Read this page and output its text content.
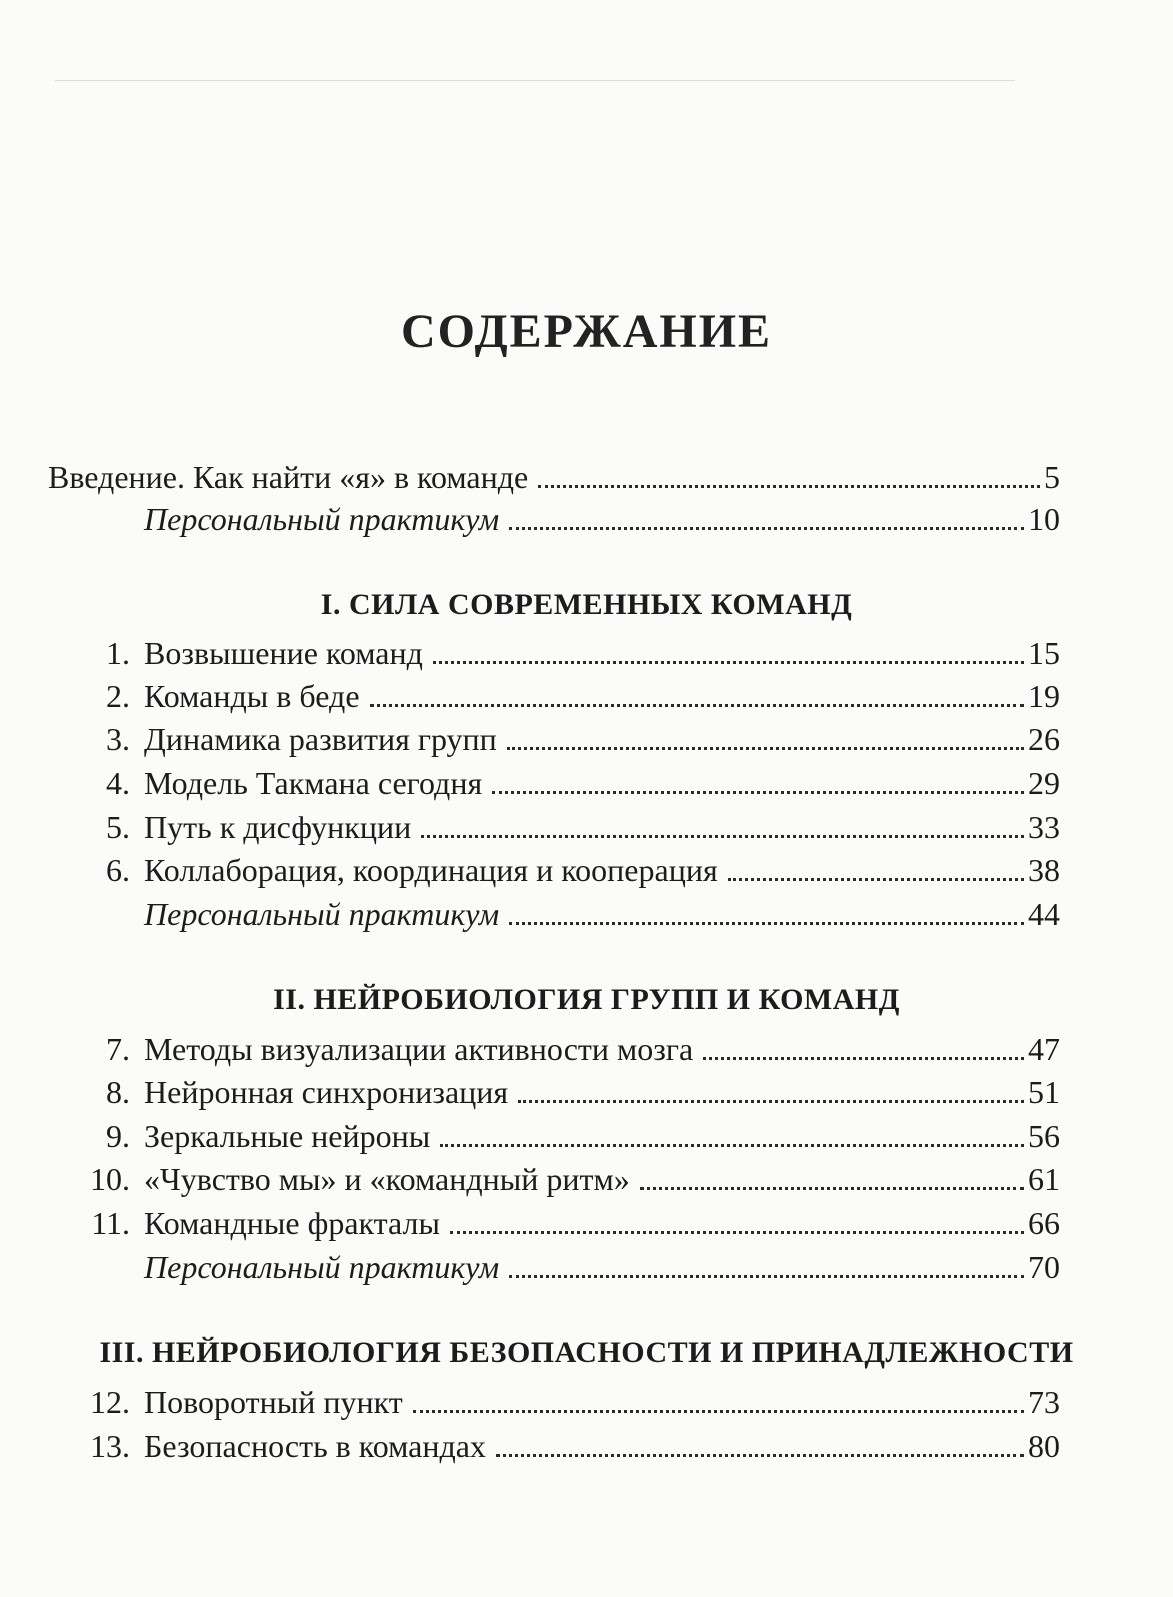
СОДЕРЖАНИЕ
Введение. Как найти «я» в команде	5
Персональный практикум	10
I. СИЛА СОВРЕМЕННЫХ КОМАНД
1. Возвышение команд	15
2. Команды в беде	19
3. Динамика развития групп	26
4. Модель Такмана сегодня	29
5. Путь к дисфункции	33
6. Коллаборация, координация и кооперация	38
Персональный практикум	44
II. НЕЙРОБИОЛОГИЯ ГРУПП И КОМАНД
7. Методы визуализации активности мозга	47
8. Нейронная синхронизация	51
9. Зеркальные нейроны	56
10. «Чувство мы» и «командный ритм»	61
11. Командные фракталы	66
Персональный практикум	70
III. НЕЙРОБИОЛОГИЯ БЕЗОПАСНОСТИ И ПРИНАДЛЕЖНОСТИ
12. Поворотный пункт	73
13. Безопасность в командах	80
